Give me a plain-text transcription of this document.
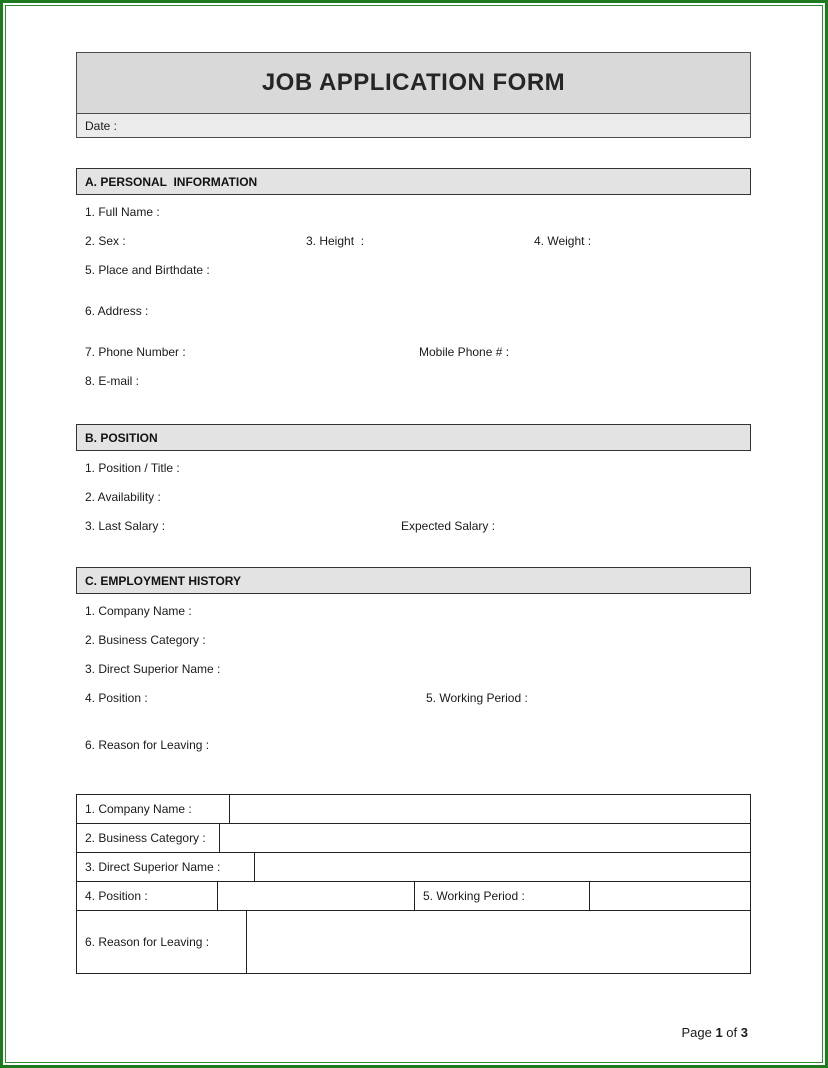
JOB APPLICATION FORM
Date :
A. PERSONAL  INFORMATION
1. Full Name :
2. Sex :	3. Height  :	4. Weight :
5. Place and Birthdate :
6. Address :
7. Phone Number :	Mobile Phone # :
8. E-mail :
B. POSITION
1. Position / Title :
2. Availability :
3. Last Salary :	Expected Salary :
C. EMPLOYMENT HISTORY
1. Company Name :
2. Business Category :
3. Direct Superior Name :
4. Position :	5. Working Period :
6. Reason for Leaving :
1. Company Name :
2. Business Category :
3. Direct Superior Name :
4. Position :	5. Working Period :
6. Reason for Leaving :
Page 1 of 3
